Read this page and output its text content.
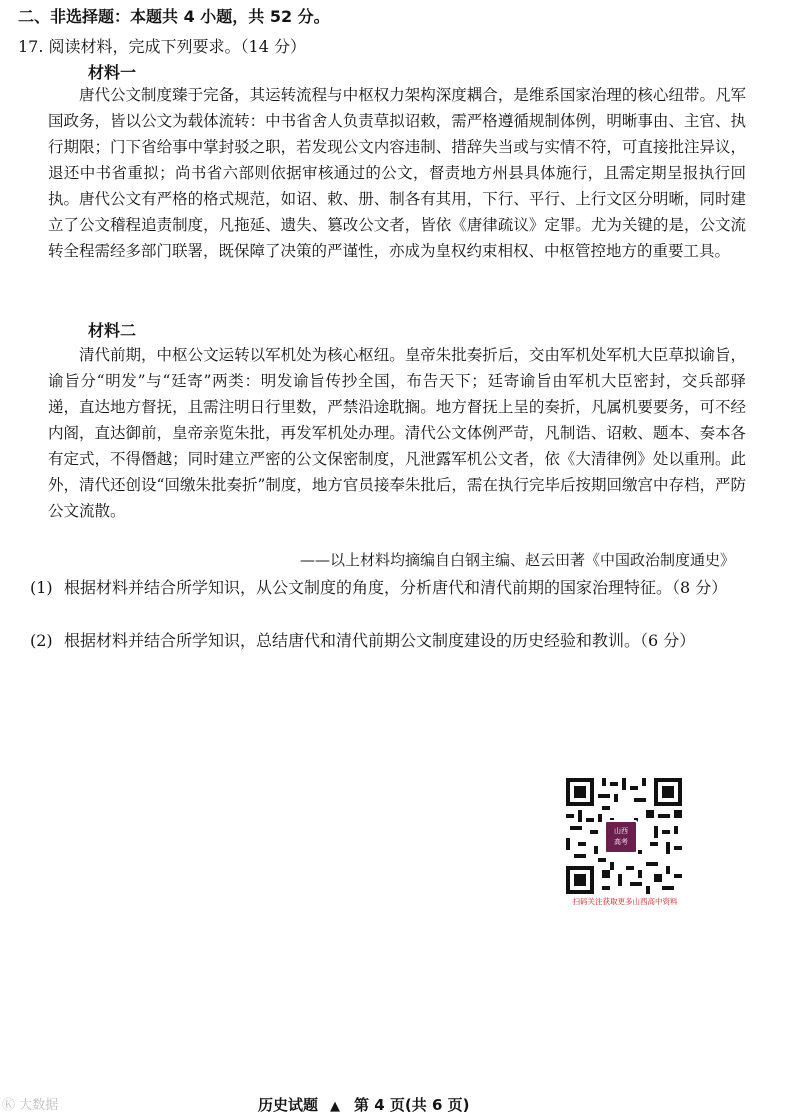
二、非选择题：本题共 4 小题，共 52 分。
17. 阅读材料，完成下列要求。（14 分）
材料一

唐代公文制度臻于完备，其运转流程与中枢权力架构深度耦合，是维系国家治理的核心纽带。凡军国政务，皆以公文为载体流转：中书省舍人负责草拟诏敕，需严格遵循规制体例，明晰事由、主官、执行期限；门下省给事中掌封驳之职，若发现公文内容违制、措辞失当或与实情不符，可直接批注异议，退还中书省重拟；尚书省六部则依据审核通过的公文，督责地方州县具体施行，且需定期呈报执行回执。唐代公文有严格的格式规范，如诏、敕、册、制各有其用，下行、平行、上行文区分明晰，同时建立了公文稽程追责制度，凡拖延、遗失、篡改公文者，皆依《唐律疏议》定罪。尤为关键的是，公文流转全程需经多部门联署，既保障了决策的严谨性，亦成为皇权约束相权、中枢管控地方的重要工具。

材料二

清代前期，中枢公文运转以军机处为核心枢纽。皇帝朱批奏折后，交由军机处军机大臣草拟谕旨，谕旨分“明发”与“廷寄”两类：明发谕旨传抄全国，布告天下；廷寄谕旨由军机大臣密封，交兵部驿递，直达地方督抚，且需注明日行里数，严禁沿途耽搁。地方督抚上呈的奏折，凡属机要要务，可不经内阁，直达御前，皇帝亲览朱批，再发军机处办理。清代公文体例严苛，凡制诰、诏敕、题本、奏本各有定式，不得僭越；同时建立严密的公文保密制度，凡泄露军机公文者，依《大清律例》处以重刑。此外，清代还创设“回缴朱批奏折”制度，地方官员接奉朱批后，需在执行完毕后按期回缴宫中存档，严防公文流散。

——以上材料均摘编自白钢主编、赵云田著《中国政治制度通史》

(1) 根据材料并结合所学知识，从公文制度的角度，分析唐代和清代前期的国家治理特征。（8 分）

(2) 根据材料并结合所学知识，总结唐代和清代前期公文制度建设的历史经验和教训。（6 分）

山西
高考
扫码关注获取更多山西高中资料
Ⓚ 大数据	历史试题 ▲ 第 4 页(共 6 页)
